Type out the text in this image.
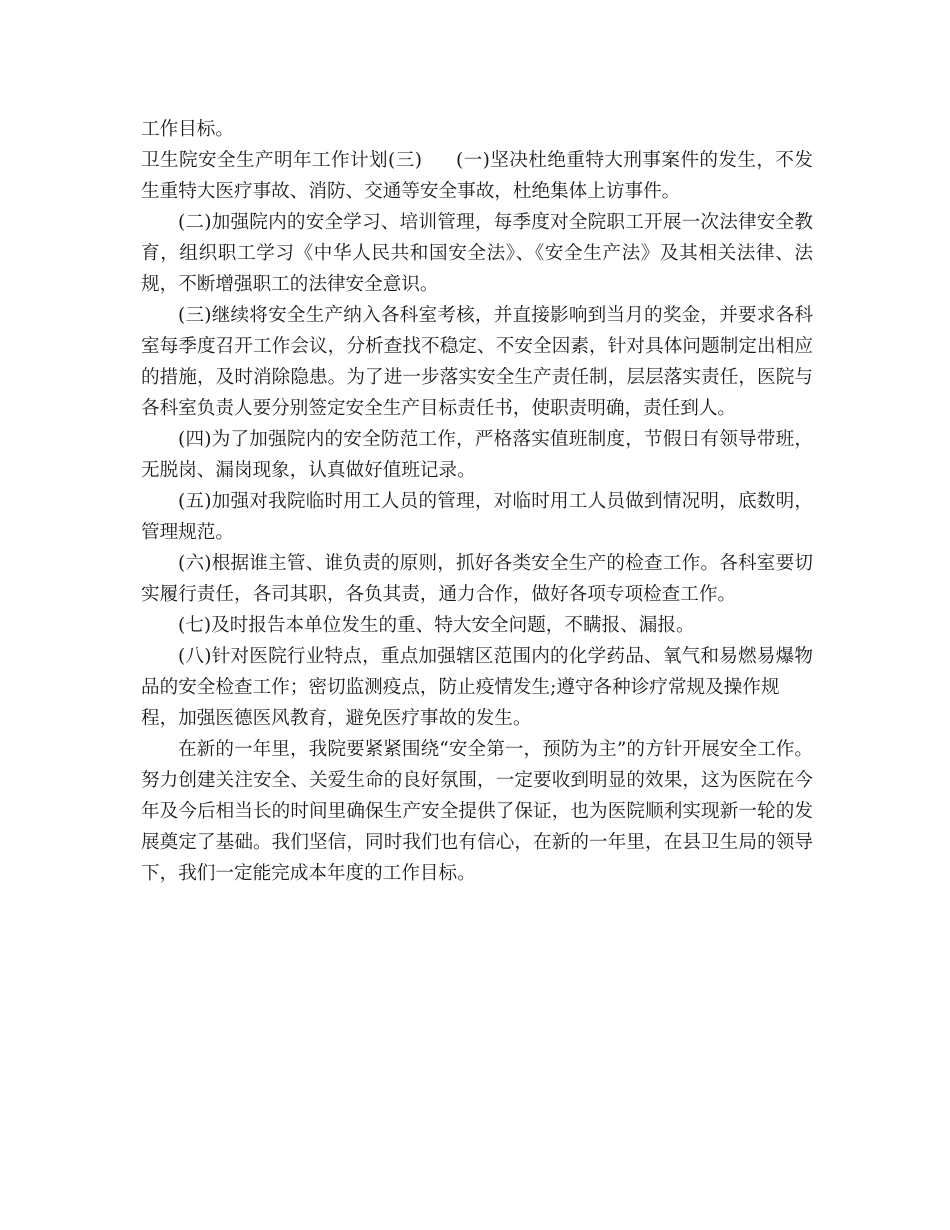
工作目标。

卫生院安全生产明年工作计划(三) (一)坚决杜绝重特大刑事案件的发生，不发生重特大医疗事故、消防、交通等安全事故，杜绝集体上访事件。

(二)加强院内的安全学习、培训管理，每季度对全院职工开展一次法律安全教育，组织职工学习《中华人民共和国安全法》、《安全生产法》及其相关法律、法规，不断增强职工的法律安全意识。

(三)继续将安全生产纳入各科室考核，并直接影响到当月的奖金，并要求各科室每季度召开工作会议，分析查找不稳定、不安全因素，针对具体问题制定出相应的措施，及时消除隐患。为了进一步落实安全生产责任制，层层落实责任，医院与各科室负责人要分别签定安全生产目标责任书，使职责明确，责任到人。

(四)为了加强院内的安全防范工作，严格落实值班制度，节假日有领导带班，无脱岗、漏岗现象，认真做好值班记录。

(五)加强对我院临时用工人员的管理，对临时用工人员做到情况明，底数明，管理规范。

(六)根据谁主管、谁负责的原则，抓好各类安全生产的检查工作。各科室要切实履行责任，各司其职，各负其责，通力合作，做好各项专项检查工作。

(七)及时报告本单位发生的重、特大安全问题，不瞒报、漏报。

(八)针对医院行业特点，重点加强辖区范围内的化学药品、氧气和易燃易爆物品的安全检查工作；密切监测疫点，防止疫情发生;遵守各种诊疗常规及操作规

程，加强医德医风教育，避免医疗事故的发生。

在新的一年里，我院要紧紧围绕“安全第一，预防为主”的方针开展安全工作。努力创建关注安全、关爱生命的良好氛围，一定要收到明显的效果，这为医院在今年及今后相当长的时间里确保生产安全提供了保证，也为医院顺利实现新一轮的发展奠定了基础。我们坚信，同时我们也有信心，在新的一年里，在县卫生局的领导下，我们一定能完成本年度的工作目标。
